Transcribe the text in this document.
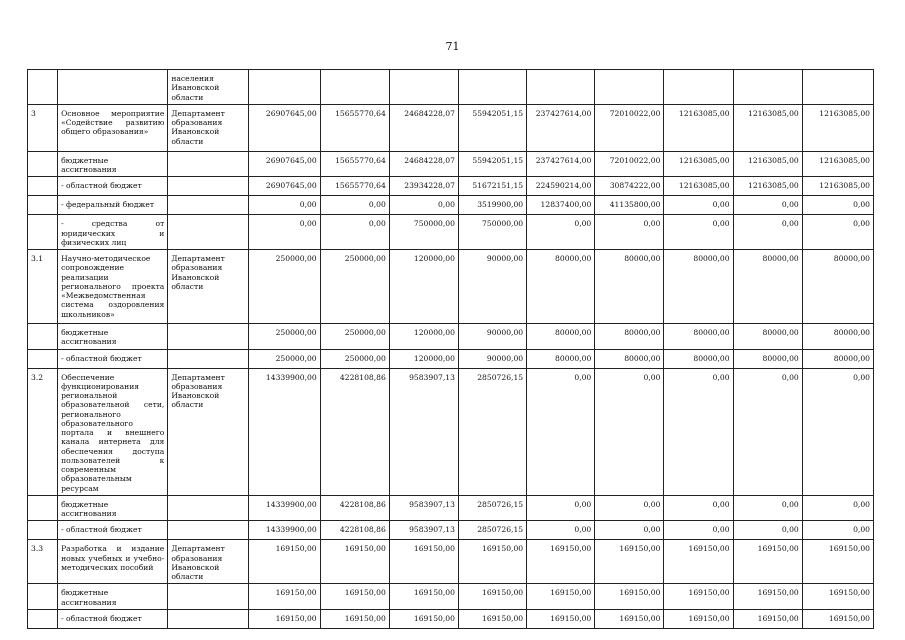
71
		населения Ивановской области									
3	Основное мероприятие «Содействие развитию общего образования»	Департамент образования Ивановской области	26907645,00	15655770,64	24684228,07	55942051,15	237427614,00	72010022,00	12163085,00	12163085,00	12163085,00
	бюджетные ассигнования		26907645,00	15655770,64	24684228,07	55942051,15	237427614,00	72010022,00	12163085,00	12163085,00	12163085,00
	- областной бюджет		26907645,00	15655770,64	23934228,07	51672151,15	224590214,00	30874222,00	12163085,00	12163085,00	12163085,00
	- федеральный бюджет		0,00	0,00	0,00	3519900,00	12837400,00	41135800,00	0,00	0,00	0,00
	- средства от юридических и физических лиц		0,00	0,00	750000,00	750000,00	0,00	0,00	0,00	0,00	0,00
3.1	Научно-методическое сопровождение реализации регионального проекта «Межведомственная система оздоровления школьников»	Департамент образования Ивановской области	250000,00	250000,00	120000,00	90000,00	80000,00	80000,00	80000,00	80000,00	80000,00
	бюджетные ассигнования		250000,00	250000,00	120000,00	90000,00	80000,00	80000,00	80000,00	80000,00	80000,00
	- областной бюджет		250000,00	250000,00	120000,00	90000,00	80000,00	80000,00	80000,00	80000,00	80000,00
3.2	Обеспечение функционирования региональной образовательной сети, регионального образовательного портала и внешнего канала интернета для обеспечения доступа пользователей к современным образовательным ресурсам	Департамент образования Ивановской области	14339900,00	4228108,86	9583907,13	2850726,15	0,00	0,00	0,00	0,00	0,00
	бюджетные ассигнования		14339900,00	4228108,86	9583907,13	2850726,15	0,00	0,00	0,00	0,00	0,00
	- областной бюджет		14339900,00	4228108,86	9583907,13	2850726,15	0,00	0,00	0,00	0,00	0,00
3.3	Разработка и издание новых учебных и учебно-методических пособий	Департамент образования Ивановской области	169150,00	169150,00	169150,00	169150,00	169150,00	169150,00	169150,00	169150,00	169150,00
	бюджетные ассигнования		169150,00	169150,00	169150,00	169150,00	169150,00	169150,00	169150,00	169150,00	169150,00
	- областной бюджет		169150,00	169150,00	169150,00	169150,00	169150,00	169150,00	169150,00	169150,00	169150,00
